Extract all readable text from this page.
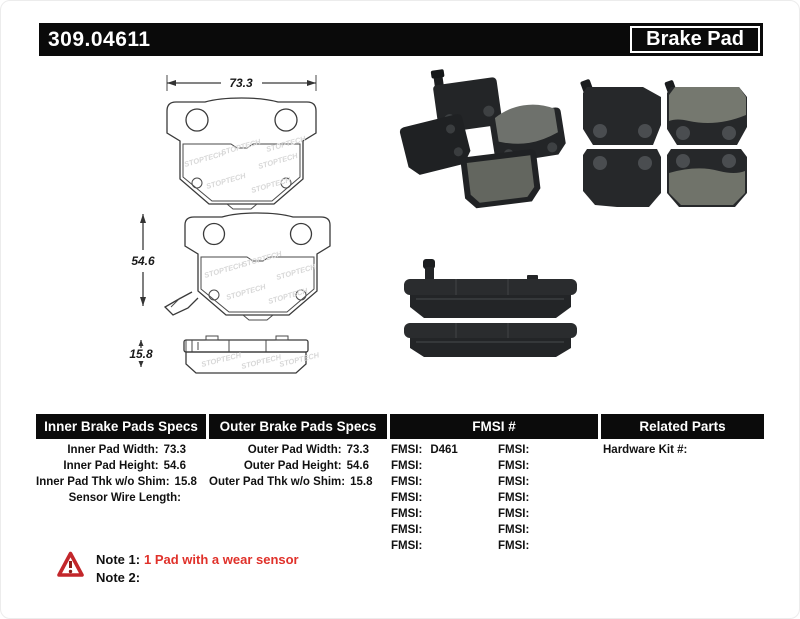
309.04611	Brake Pad
73.3
STOPTECH
STOPTECH
STOPTECH
STOPTECH STOPTECH
STOPTECH
54.6	STOPTECH
STOPTECH
STOPTECH
STOPTECH STOPTECH
15.8	STOPTECH
STOPTECH
STOPTECH
Inner Brake Pads Specs	Outer Brake Pads Specs	FMSI #	Related Parts
Inner Pad Width: 73.3
Inner Pad Height: 54.6
Inner Pad Thk w/o Shim: 15.8
Sensor Wire Length:
Outer Pad Width: 73.3
Outer Pad Height: 54.6
Outer Pad Thk w/o Shim: 15.8
FMSI: D461
FMSI:
FMSI:
FMSI:
FMSI:
FMSI:
FMSI:
FMSI:
FMSI:
FMSI:
FMSI:
FMSI:
FMSI:
FMSI:
Hardware Kit #:
Note 1: 1 Pad with a wear sensor
Note 2:
